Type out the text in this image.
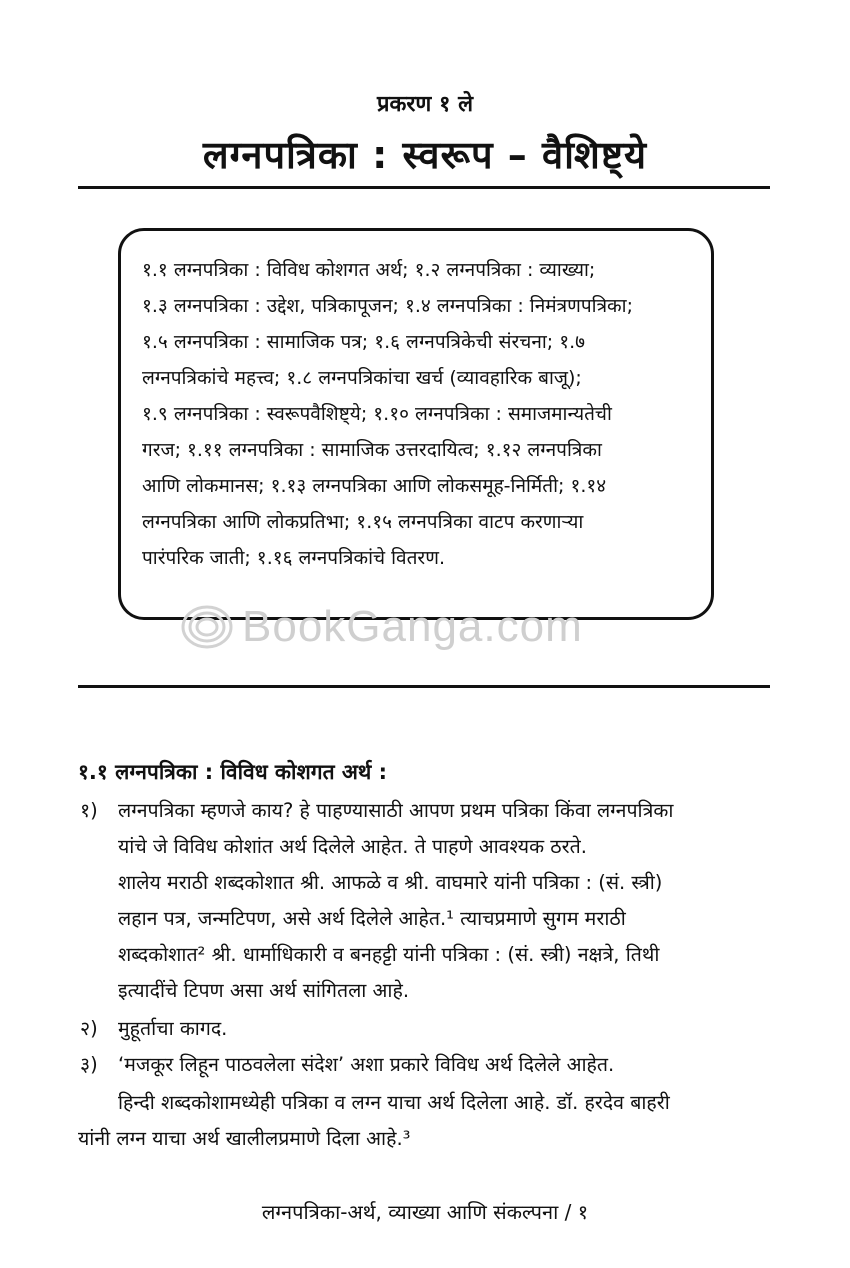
प्रकरण १ ले
लग्नपत्रिका : स्वरूप – वैशिष्ट्ये
१.१ लग्नपत्रिका : विविध कोशगत अर्थ; १.२ लग्नपत्रिका : व्याख्या;
१.३ लग्नपत्रिका : उद्देश, पत्रिकापूजन; १.४ लग्नपत्रिका : निमंत्रणपत्रिका;
१.५ लग्नपत्रिका : सामाजिक पत्र; १.६ लग्नपत्रिकेची संरचना; १.७
लग्नपत्रिकांचे महत्त्व; १.८ लग्नपत्रिकांचा खर्च (व्यावहारिक बाजू);
१.९ लग्नपत्रिका : स्वरूपवैशिष्ट्ये; १.१० लग्नपत्रिका : समाजमान्यतेची
गरज; १.११ लग्नपत्रिका : सामाजिक उत्तरदायित्व; १.१२ लग्नपत्रिका
आणि लोकमानस; १.१३ लग्नपत्रिका आणि लोकसमूह-निर्मिती; १.१४
लग्नपत्रिका आणि लोकप्रतिभा; १.१५ लग्नपत्रिका वाटप करणाऱ्या
पारंपरिक जाती; १.१६ लग्नपत्रिकांचे वितरण.
BookGanga.com
१.१ लग्नपत्रिका : विविध कोशगत अर्थ :
१) लग्नपत्रिका म्हणजे काय? हे पाहण्यासाठी आपण प्रथम पत्रिका किंवा लग्नपत्रिका
यांचे जे विविध कोशांत अर्थ दिलेले आहेत. ते पाहणे आवश्यक ठरते.
शालेय मराठी शब्दकोशात श्री. आफळे व श्री. वाघमारे यांनी पत्रिका : (सं. स्त्री)
लहान पत्र, जन्मटिपण, असे अर्थ दिलेले आहेत.¹ त्याचप्रमाणे सुगम मराठी
शब्दकोशात² श्री. धार्माधिकारी व बनहट्टी यांनी पत्रिका : (सं. स्त्री) नक्षत्रे, तिथी
इत्यादींचे टिपण असा अर्थ सांगितला आहे.
२) मुहूर्ताचा कागद.
३) ‘मजकूर लिहून पाठवलेला संदेश’ अशा प्रकारे विविध अर्थ दिलेले आहेत.
हिन्दी शब्दकोशामध्येही पत्रिका व लग्न याचा अर्थ दिलेला आहे. डॉ. हरदेव बाहरी
यांनी लग्न याचा अर्थ खालीलप्रमाणे दिला आहे.³
लग्नपत्रिका-अर्थ, व्याख्या आणि संकल्पना / १
